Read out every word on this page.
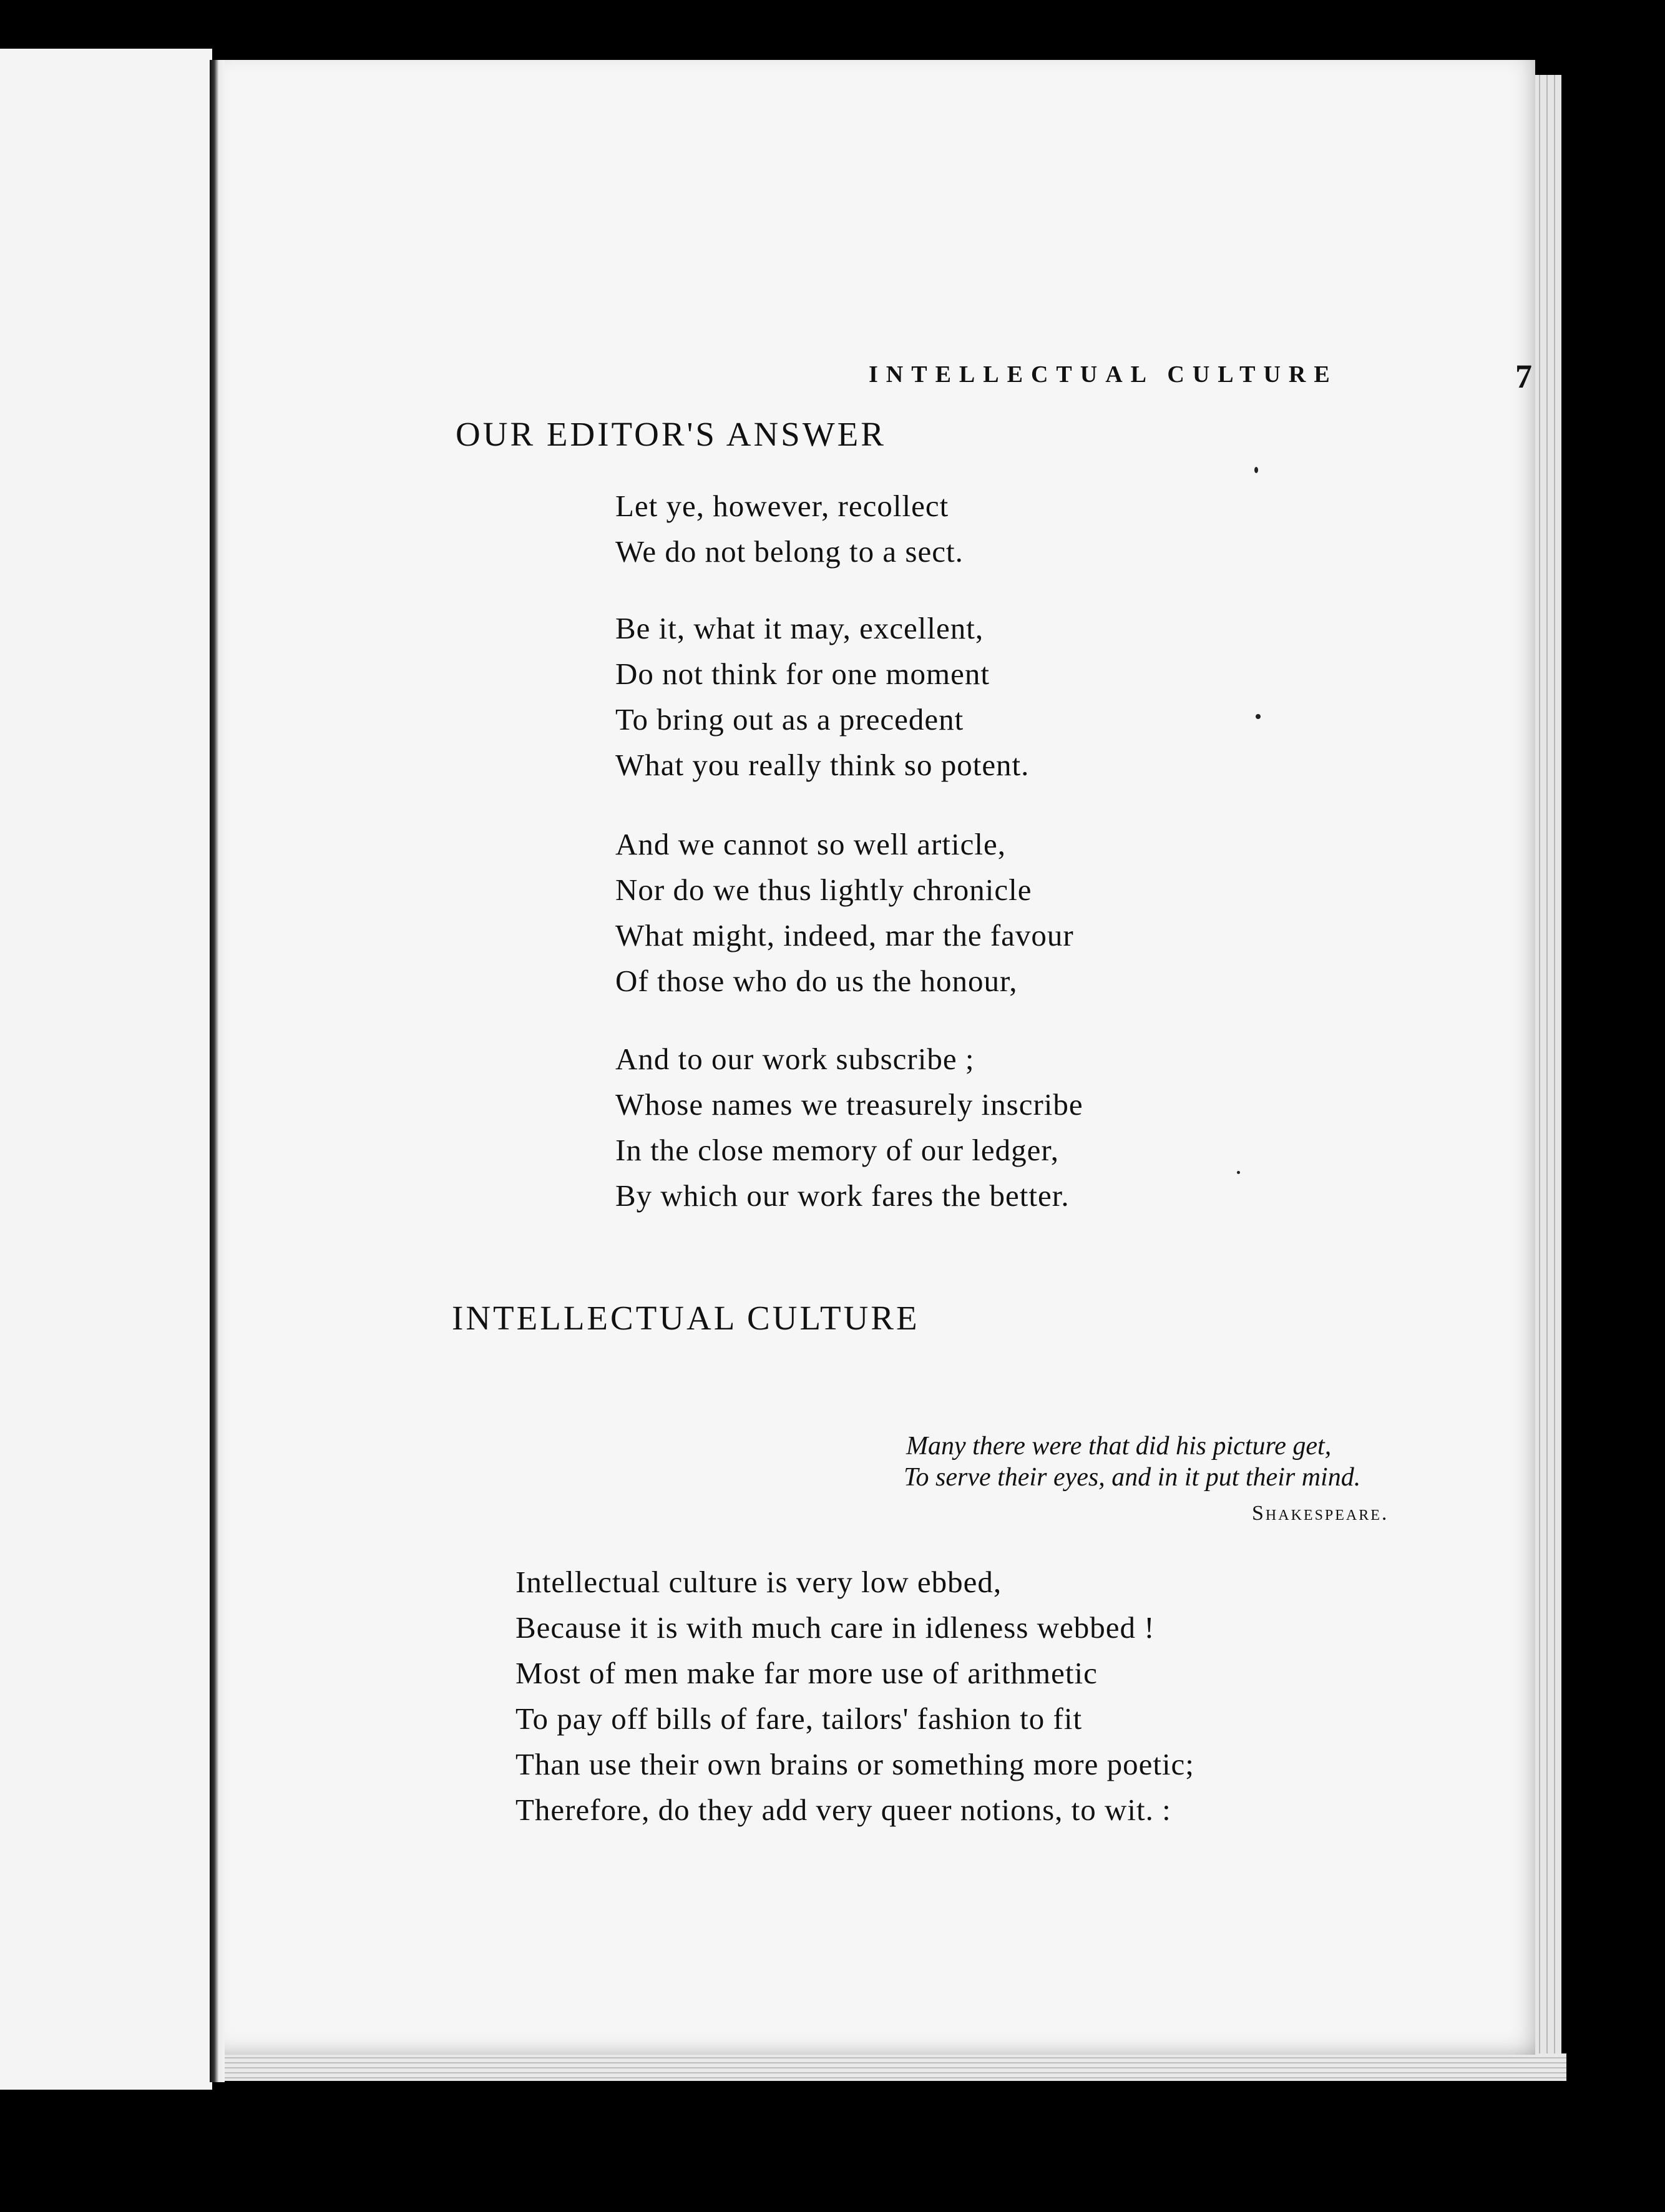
INTELLECTUAL CULTURE	7
OUR EDITOR'S ANSWER
Let ye, however, recollect
We do not belong to a sect.
Be it, what it may, excellent,
Do not think for one moment
To bring out as a precedent
What you really think so potent.
And we cannot so well article,
Nor do we thus lightly chronicle
What might, indeed, mar the favour
Of those who do us the honour,
And to our work subscribe ;
Whose names we treasurely inscribe
In the close memory of our ledger,
By which our work fares the better.
INTELLECTUAL CULTURE
Many there were that did his picture get,
To serve their eyes, and in it put their mind.
Shakespeare.
Intellectual culture is very low ebbed,
Because it is with much care in idleness webbed !
Most of men make far more use of arithmetic
To pay off bills of fare, tailors' fashion to fit
Than use their own brains or something more poetic;
Therefore, do they add very queer notions, to wit. :
